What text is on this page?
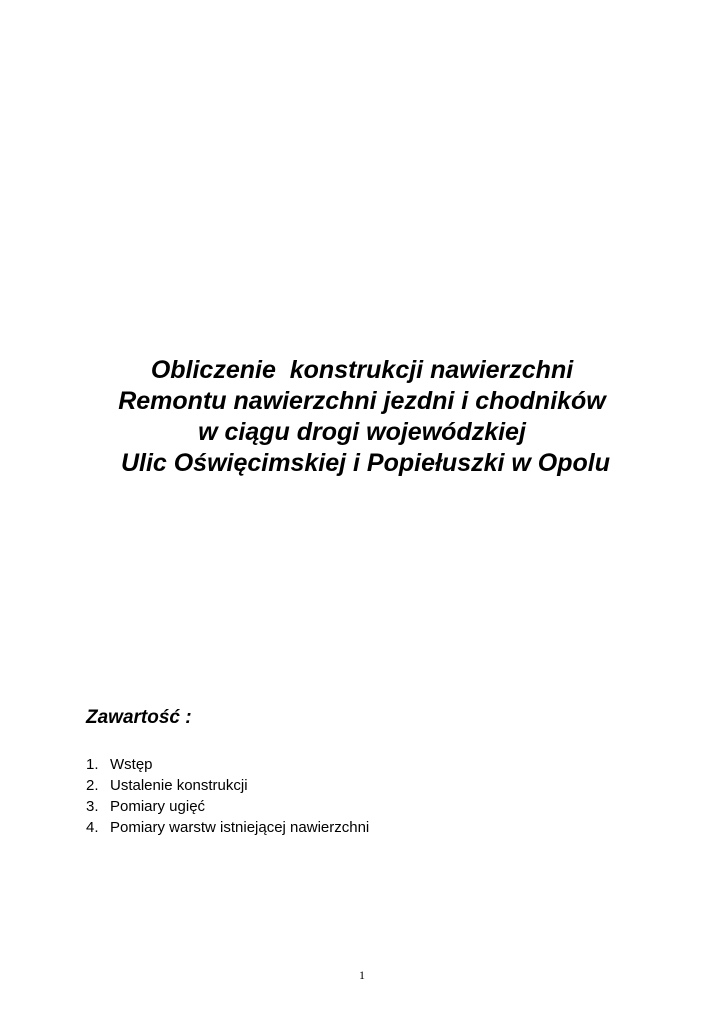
Obliczenie  konstrukcji nawierzchni
Remontu nawierzchni jezdni i chodników
w ciągu drogi wojewódzkiej
Ulic Oświęcimskiej i Popiełuszki w Opolu
Zawartość :
1. Wstęp
2. Ustalenie konstrukcji
3. Pomiary ugięć
4. Pomiary warstw istniejącej nawierzchni
1
